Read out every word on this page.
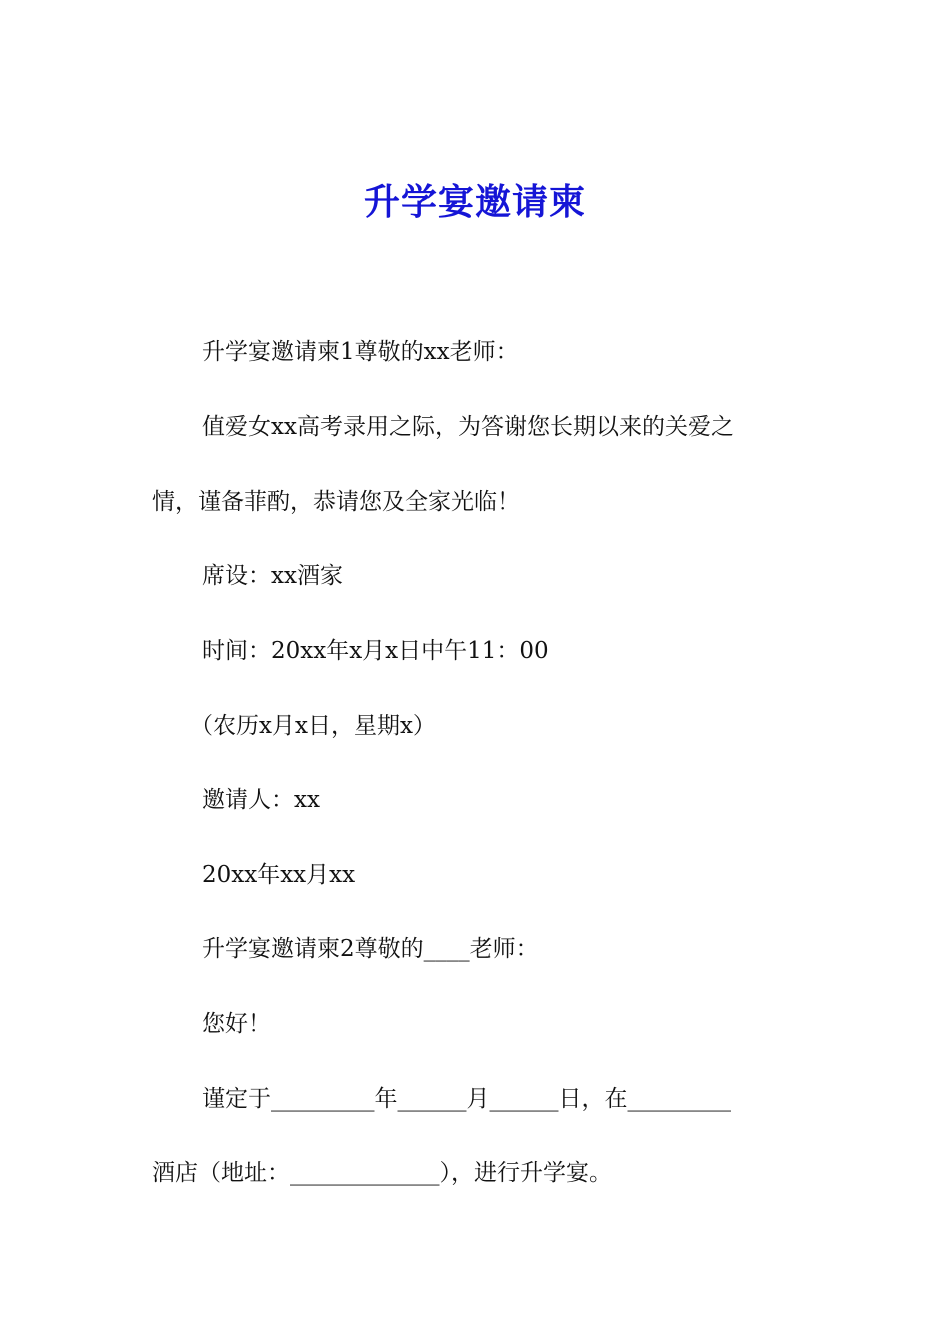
升学宴邀请柬
升学宴邀请柬1尊敬的xx老师：
值爱女xx高考录用之际，为答谢您长期以来的关爱之
情，谨备菲酌，恭请您及全家光临！
席设：xx酒家
时间：20xx年x月x日中午11：00
（农历x月x日，星期x）
邀请人：xx
20xx年xx月xx
升学宴邀请柬2尊敬的____老师：
您好！
谨定于_________年______月______日，在_________
酒店（地址：_____________），进行升学宴。
